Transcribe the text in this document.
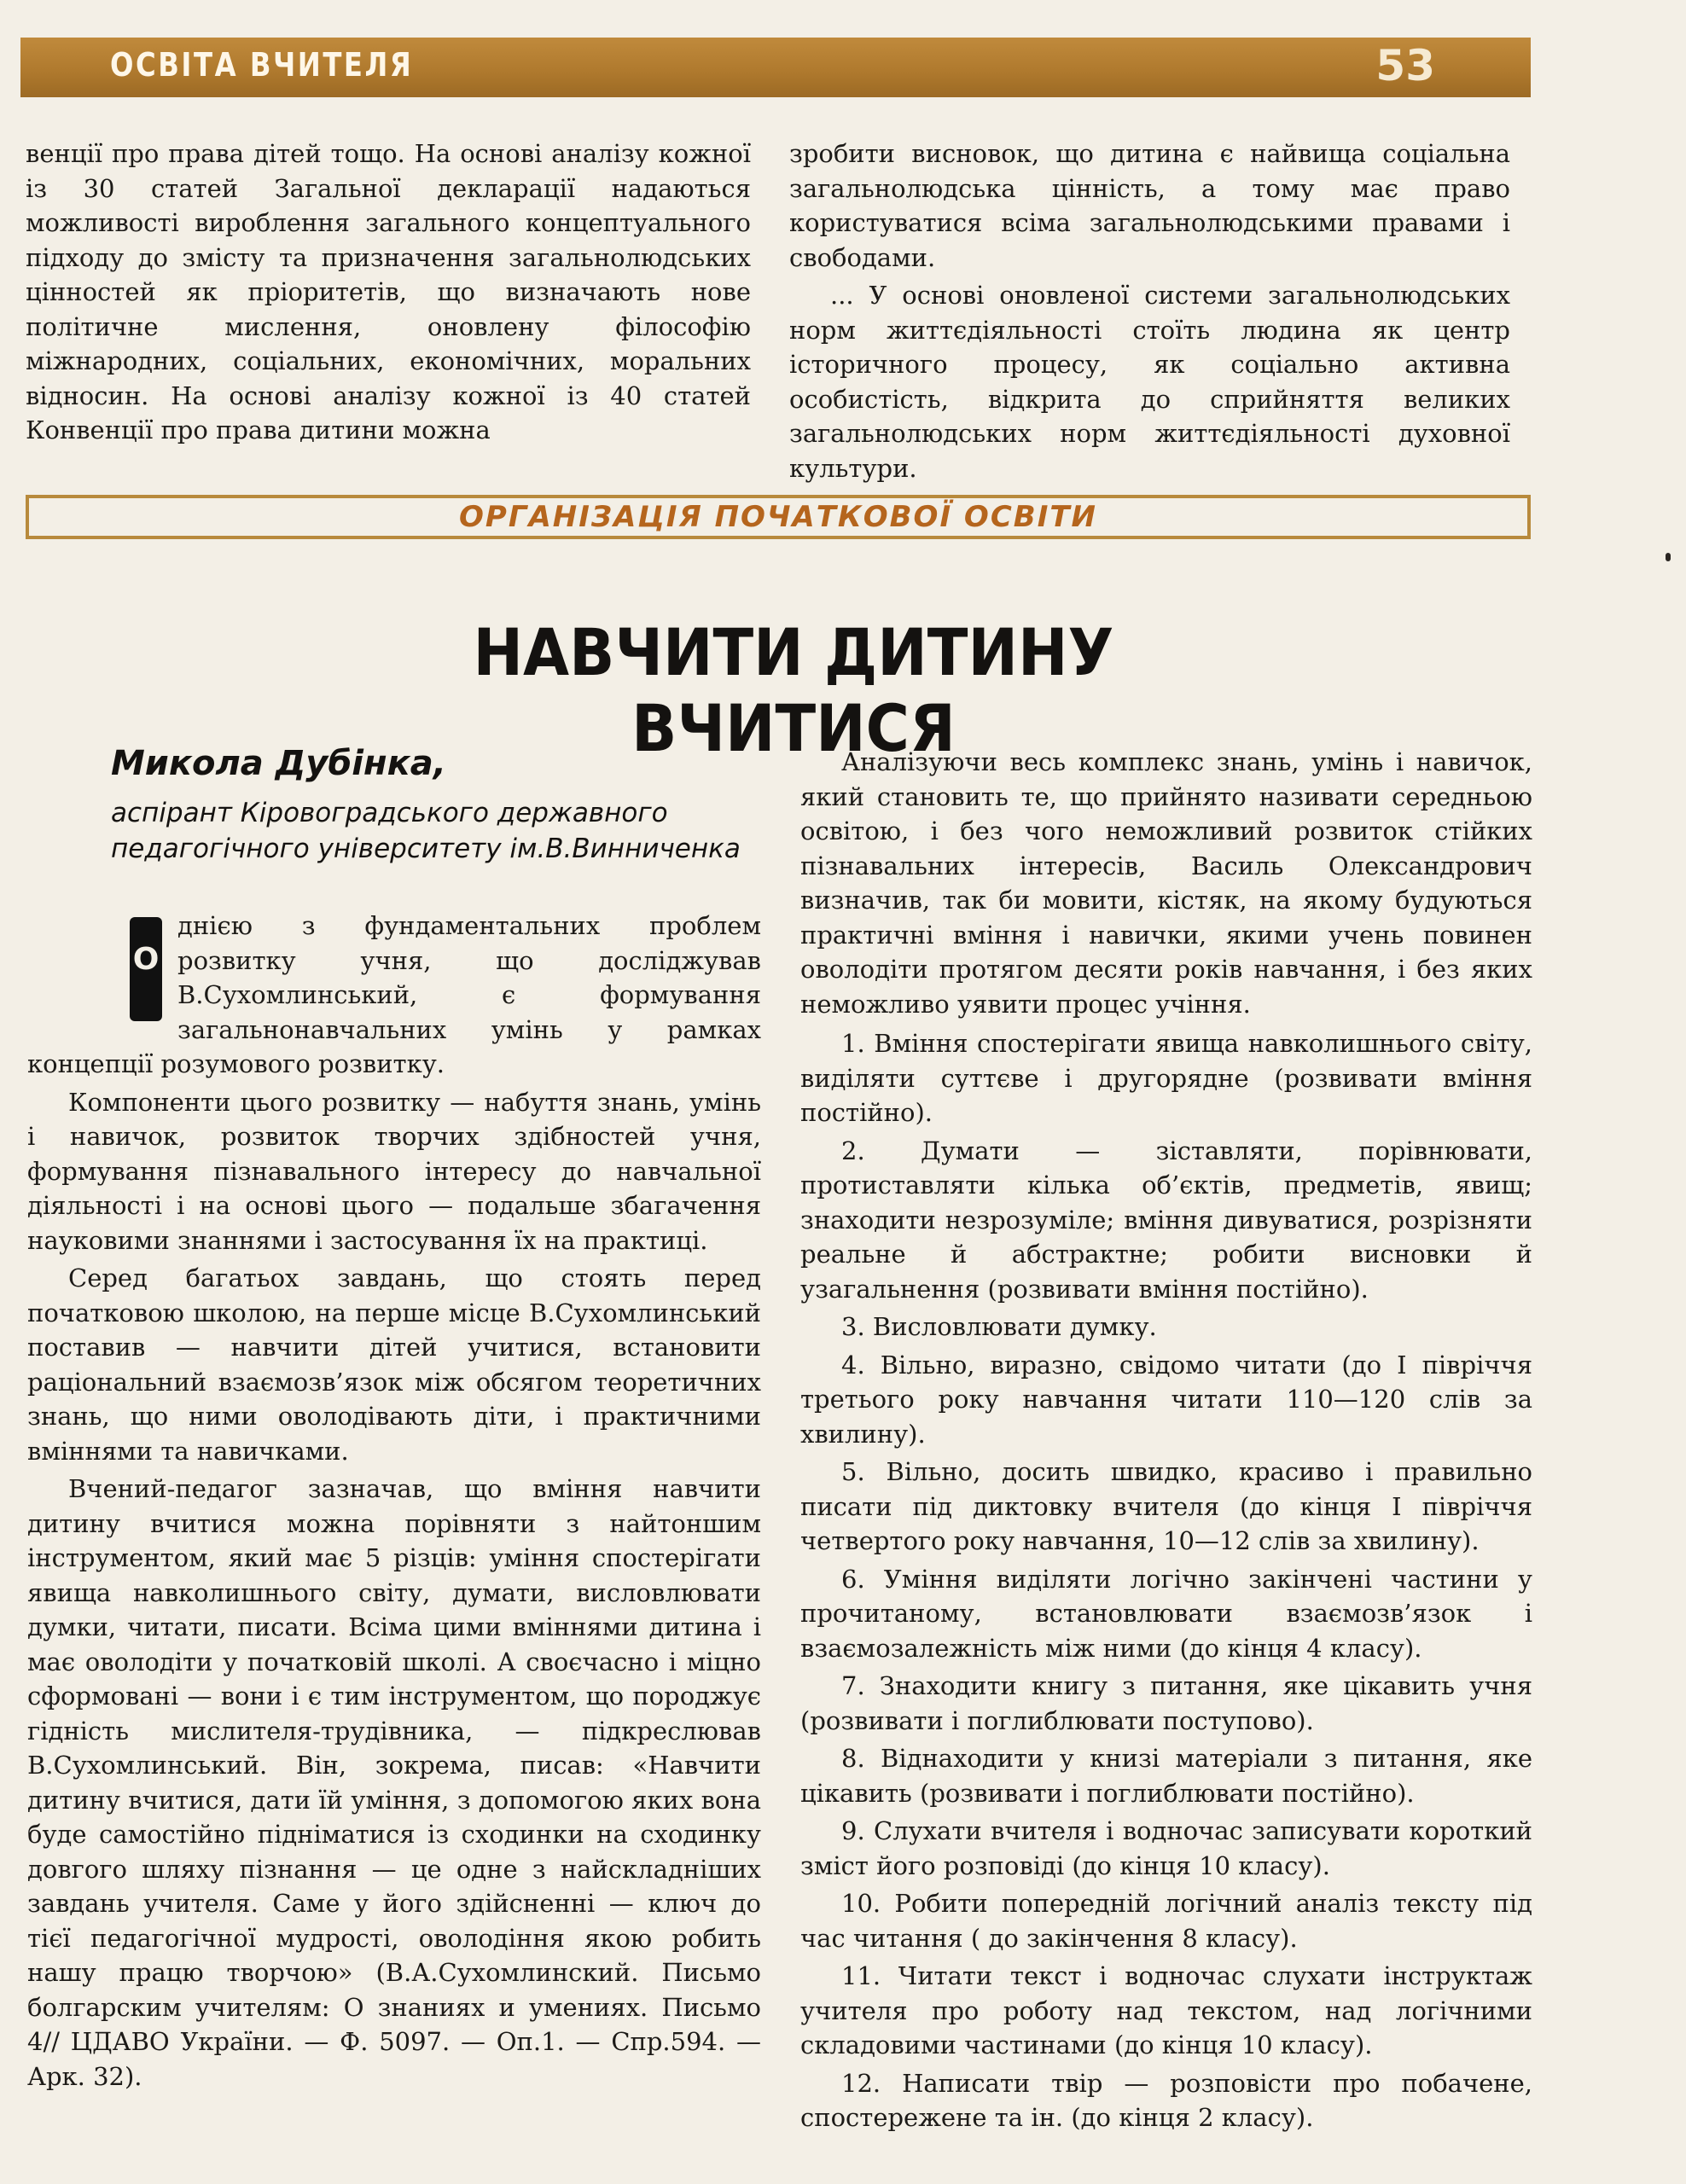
ОСВІТА ВЧИТЕЛЯ	53

венції про права дітей тощо. На основі аналізу кожної із 30 статей Загальної декларації надаються можливості вироблення загального концептуального підходу до змісту та призначення загальнолюдських цінностей як пріоритетів, що визначають нове політичне мислення, оновлену філософію міжнародних, соціальних, економічних, моральних відносин. На основі аналізу кожної із 40 статей Конвенції про права дитини можна

зробити висновок, що дитина є найвища соціальна загальнолюдська цінність, а тому має право користуватися всіма загальнолюдськими правами і свободами.

... У основі оновленої системи загальнолюдських норм життєдіяльності стоїть людина як центр історичного процесу, як соціально активна особистість, відкрита до сприйняття великих загальнолюдських норм життєдіяльності духовної культури.

ОРГАНІЗАЦІЯ ПОЧАТКОВОЇ ОСВІТИ
НАВЧИТИ ДИТИНУ ВЧИТИСЯ
Микола Дубінка,
аспірант Кіровоградського державного педагогічного університету ім.В.Винниченка
О

днією з фундаментальних проблем розвитку учня, що досліджував В.Сухомлинський, є формування загальнонавчальних умінь у рамках концепції розумового розвитку.

Компоненти цього розвитку — набуття знань, умінь і навичок, розвиток творчих здібностей учня, формування пізнавального інтересу до навчальної діяльності і на основі цього — подальше збагачення науковими знаннями і застосування їх на практиці.

Серед багатьох завдань, що стоять перед початковою школою, на перше місце В.Сухомлинський поставив — навчити дітей учитися, встановити раціональний взаємозв’язок між обсягом теоретичних знань, що ними оволодівають діти, і практичними вміннями та навичками.

Вчений-педагог зазначав, що вміння навчити дитину вчитися можна порівняти з найтоншим інструментом, який має 5 різців: уміння спостерігати явища навколишнього світу, думати, висловлювати думки, читати, писати. Всіма цими вміннями дитина і має оволодіти у початковій школі. А своєчасно і міцно сформовані — вони і є тим інструментом, що породжує гідність мислителя-трудівника, — підкреслював В.Сухомлинський. Він, зокрема, писав: «Навчити дитину вчитися, дати їй уміння, з допомогою яких вона буде самостійно підніматися із сходинки на сходинку довгого шляху пізнання — це одне з найскладніших завдань учителя. Саме у його здійсненні — ключ до тієї педагогічної мудрості, оволодіння якою робить нашу працю творчою» (В.А.Сухомлинский. Письмо болгарским учителям: О знаниях и умениях. Письмо 4// ЦДАВО України. — Ф. 5097. — Оп.1. — Спр.594. — Арк. 32).

Аналізуючи весь комплекс знань, умінь і навичок, який становить те, що прийнято називати середньою освітою, і без чого неможливий розвиток стійких пізнавальних інтересів, Василь Олександрович визначив, так би мовити, кістяк, на якому будуються практичні вміння і навички, якими учень повинен оволодіти протягом десяти років навчання, і без яких неможливо уявити процес учіння.

1. Вміння спостерігати явища навколишнього світу, виділяти суттєве і другорядне (розвивати вміння постійно).
2. Думати — зіставляти, порівнювати, протиставляти кілька об’єктів, предметів, явищ; знаходити незрозуміле; вміння дивуватися, розрізняти реальне й абстрактне; робити висновки й узагальнення (розвивати вміння постійно).
3. Висловлювати думку.
4. Вільно, виразно, свідомо читати (до І півріччя третього року навчання читати 110—120 слів за хвилину).
5. Вільно, досить швидко, красиво і правильно писати під диктовку вчителя (до кінця І півріччя четвертого року навчання, 10—12 слів за хвилину).
6. Уміння виділяти логічно закінчені частини у прочитаному, встановлювати взаємозв’язок і взаємозалежність між ними (до кінця 4 класу).
7. Знаходити книгу з питання, яке цікавить учня (розвивати і поглиблювати поступово).
8. Віднаходити у книзі матеріали з питання, яке цікавить (розвивати і поглиблювати постійно).
9. Слухати вчителя і водночас записувати короткий зміст його розповіді (до кінця 10 класу).
10. Робити попередній логічний аналіз тексту під час читання ( до закінчення 8 класу).
11. Читати текст і водночас слухати інструктаж учителя про роботу над текстом, над логічними складовими частинами (до кінця 10 класу).
12. Написати твір — розповісти про побачене, спостережене та ін. (до кінця 2 класу).
